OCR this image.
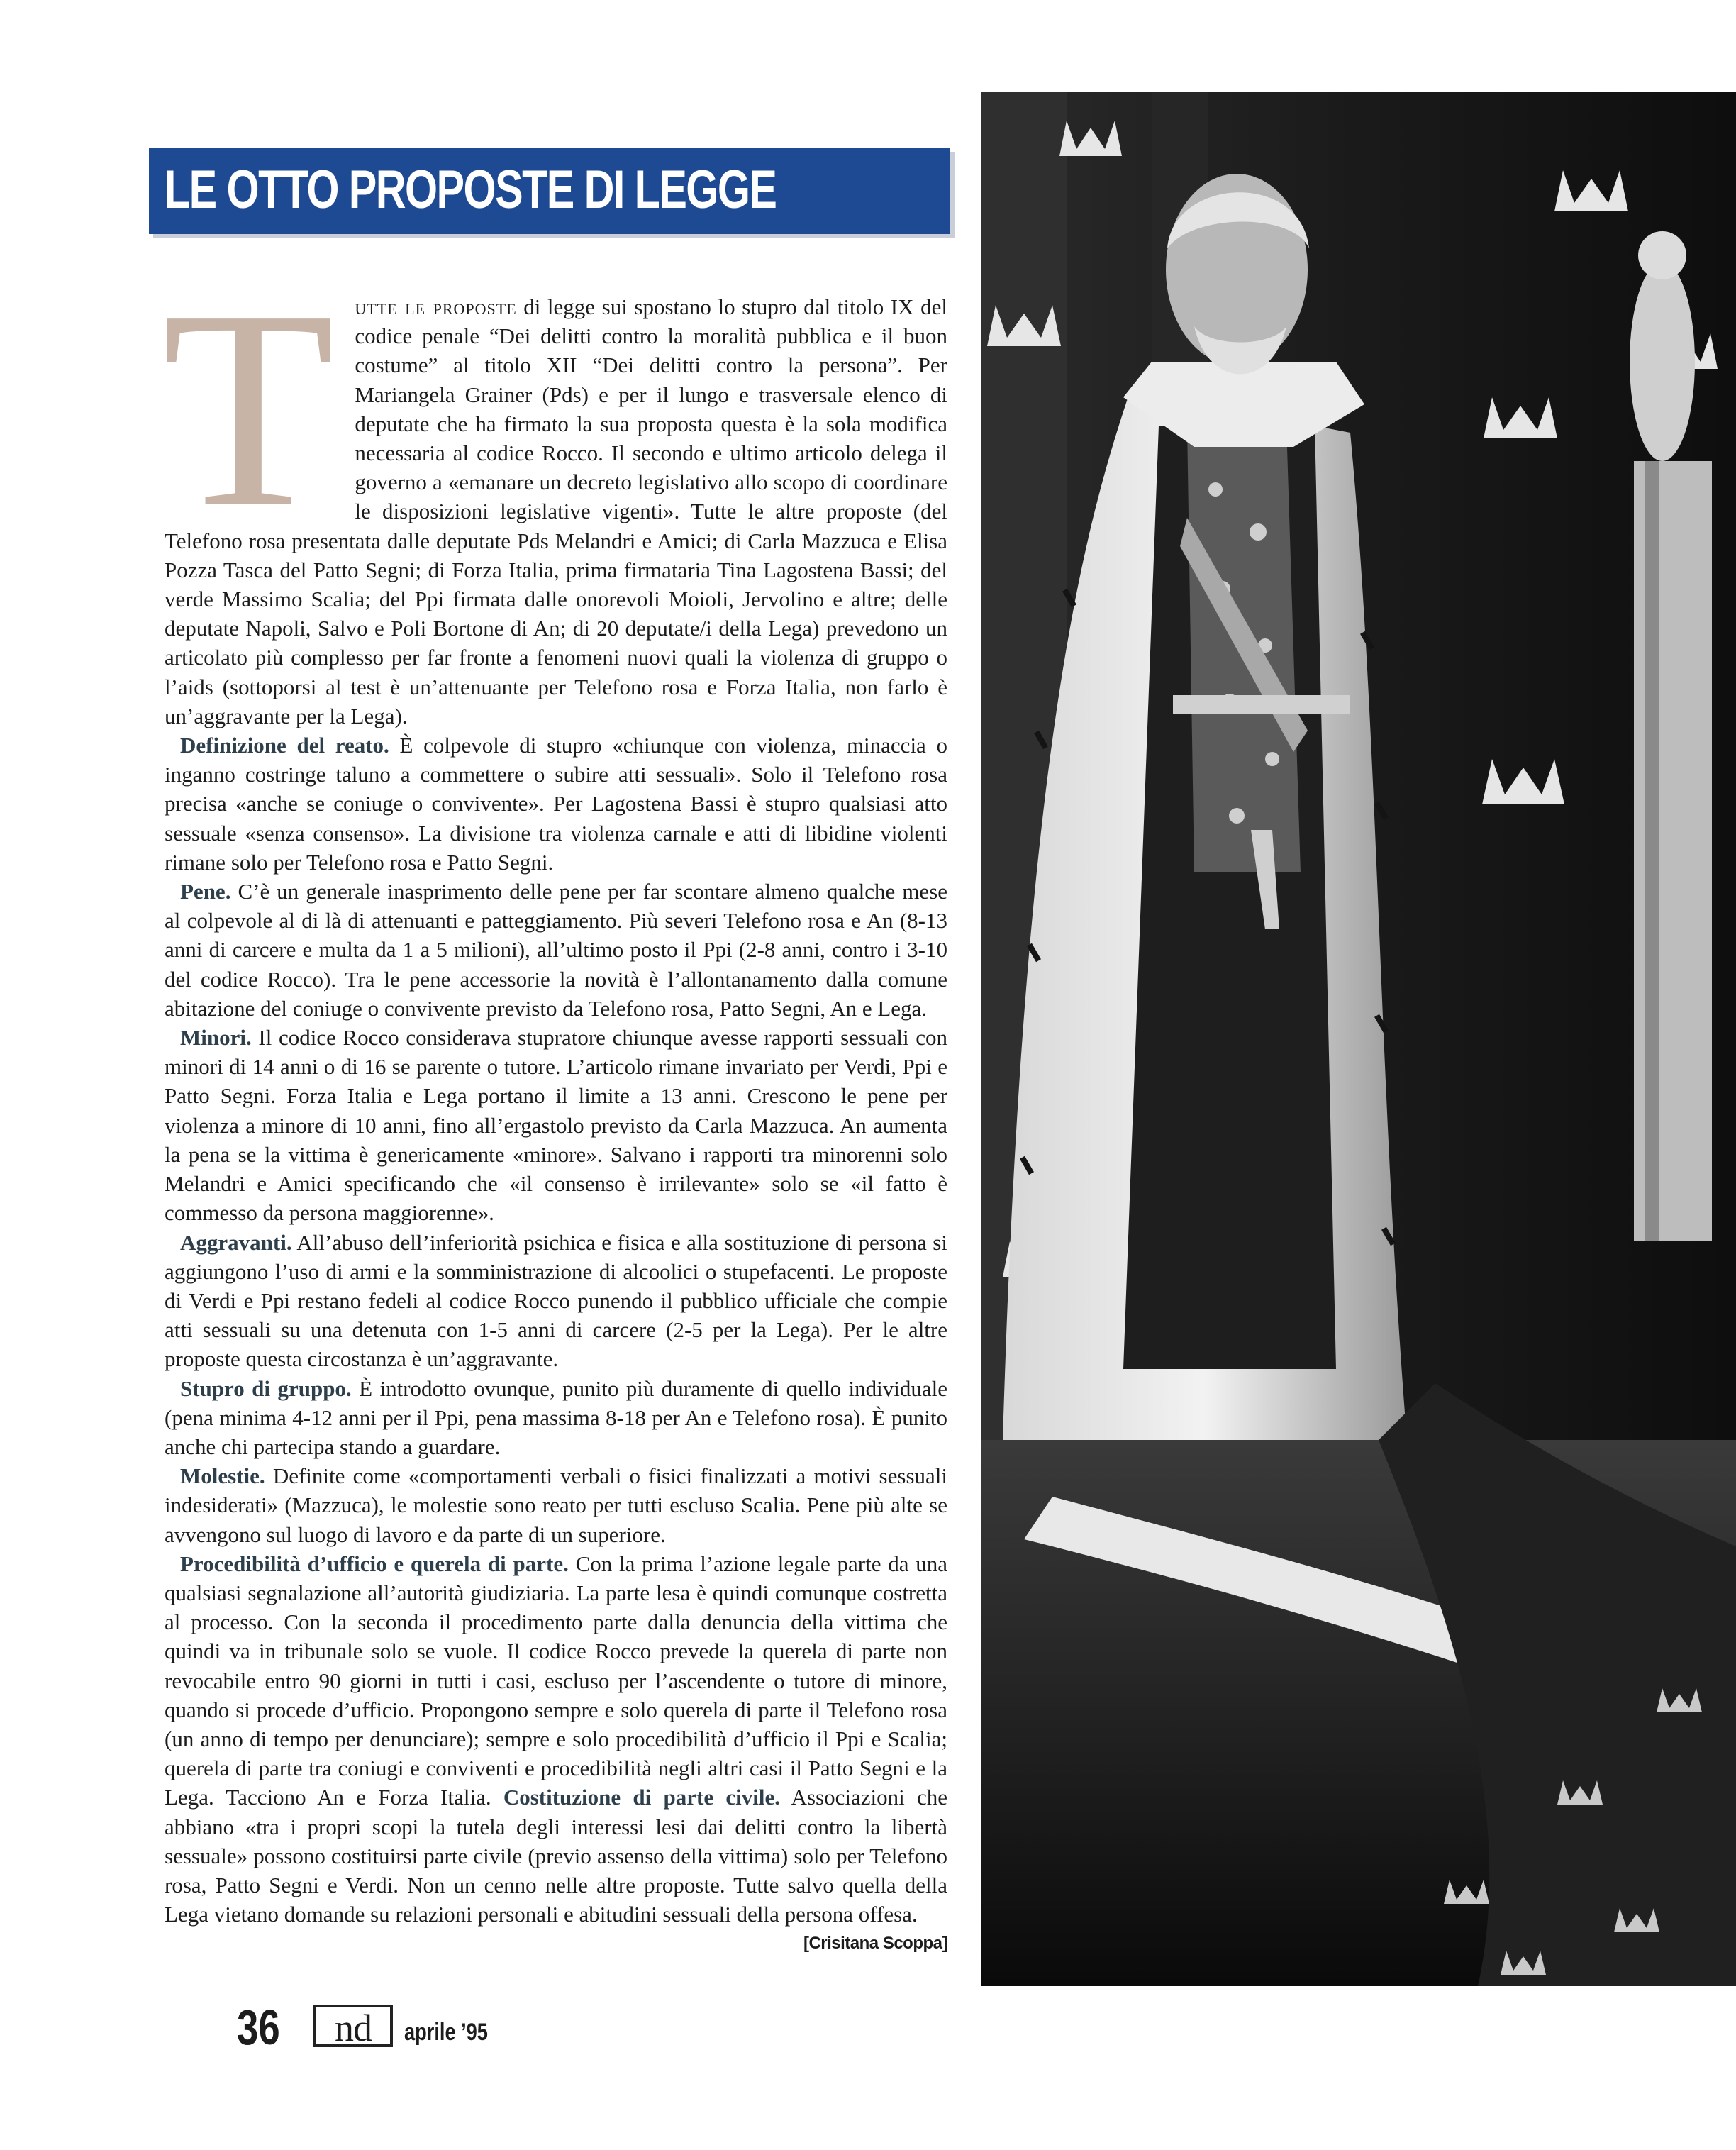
LE OTTO PROPOSTE DI LEGGE

Tutte le proposte di legge sui spostano lo stupro dal titolo IX del codice penale “Dei delitti contro la moralità pubblica e il buon costume” al titolo XII “Dei delitti contro la persona”. Per Mariangela Grainer (Pds) e per il lungo e trasversale elenco di deputate che ha firmato la sua proposta questa è la sola modifica necessaria al codice Rocco. Il secondo e ultimo articolo delega il governo a «emanare un decreto legislativo allo scopo di coordinare le disposizioni legislative vigenti». Tutte le altre proposte (del Telefono rosa presentata dalle deputate Pds Melandri e Amici; di Carla Mazzuca e Elisa Pozza Tasca del Patto Segni; di Forza Italia, prima firmataria Tina Lagostena Bassi; del verde Massimo Scalia; del Ppi firmata dalle onorevoli Moioli, Jervolino e altre; delle deputate Napoli, Salvo e Poli Bortone di An; di 20 deputate/i della Lega) prevedono un articolato più complesso per far fronte a fenomeni nuovi quali la violenza di gruppo o l’aids (sottoporsi al test è un’attenuante per Telefono rosa e Forza Italia, non farlo è un’aggravante per la Lega).

Definizione del reato. È colpevole di stupro «chiunque con violenza, minaccia o inganno costringe taluno a commettere o subire atti sessuali». Solo il Telefono rosa precisa «anche se coniuge o convivente». Per Lagostena Bassi è stupro qualsiasi atto sessuale «senza consenso». La divisione tra violenza carnale e atti di libidine violenti rimane solo per Telefono rosa e Patto Segni.

Pene. C’è un generale inasprimento delle pene per far scontare almeno qualche mese al colpevole al di là di attenuanti e patteggiamento. Più severi Telefono rosa e An (8-13 anni di carcere e multa da 1 a 5 milioni), all’ultimo posto il Ppi (2-8 anni, contro i 3-10 del codice Rocco). Tra le pene accessorie la novità è l’allontanamento dalla comune abitazione del coniuge o convivente previsto da Telefono rosa, Patto Segni, An e Lega.

Minori. Il codice Rocco considerava stupratore chiunque avesse rapporti sessuali con minori di 14 anni o di 16 se parente o tutore. L’articolo rimane invariato per Verdi, Ppi e Patto Segni. Forza Italia e Lega portano il limite a 13 anni. Crescono le pene per violenza a minore di 10 anni, fino all’ergastolo previsto da Carla Mazzuca. An aumenta la pena se la vittima è genericamente «minore». Salvano i rapporti tra minorenni solo Melandri e Amici specificando che «il consenso è irrilevante» solo se «il fatto è commesso da persona maggiorenne».

Aggravanti. All’abuso dell’inferiorità psichica e fisica e alla sostituzione di persona si aggiungono l’uso di armi e la somministrazione di alcoolici o stupefacenti. Le proposte di Verdi e Ppi restano fedeli al codice Rocco punendo il pubblico ufficiale che compie atti sessuali su una detenuta con 1-5 anni di carcere (2-5 per la Lega). Per le altre proposte questa circostanza è un’aggravante.

Stupro di gruppo. È introdotto ovunque, punito più duramente di quello individuale (pena minima 4-12 anni per il Ppi, pena massima 8-18 per An e Telefono rosa). È punito anche chi partecipa stando a guardare.

Molestie. Definite come «comportamenti verbali o fisici finalizzati a motivi sessuali indesiderati» (Mazzuca), le molestie sono reato per tutti escluso Scalia. Pene più alte se avvengono sul luogo di lavoro e da parte di un superiore.

Procedibilità d’ufficio e querela di parte. Con la prima l’azione legale parte da una qualsiasi segnalazione all’autorità giudiziaria. La parte lesa è quindi comunque costretta al processo. Con la seconda il procedimento parte dalla denuncia della vittima che quindi va in tribunale solo se vuole. Il codice Rocco prevede la querela di parte non revocabile entro 90 giorni in tutti i casi, escluso per l’ascendente o tutore di minore, quando si procede d’ufficio. Propongono sempre e solo querela di parte il Telefono rosa (un anno di tempo per denunciare); sempre e solo procedibilità d’ufficio il Ppi e Scalia; querela di parte tra coniugi e conviventi e procedibilità negli altri casi il Patto Segni e la Lega. Tacciono An e Forza Italia. Costituzione di parte civile. Associazioni che abbiano «tra i propri scopi la tutela degli interessi lesi dai delitti contro la libertà sessuale» possono costituirsi parte civile (previo assenso della vittima) solo per Telefono rosa, Patto Segni e Verdi. Non un cenno nelle altre proposte. Tutte salvo quella della Lega vietano domande su relazioni personali e abitudini sessuali della persona offesa.
[Crisitana Scoppa]

36	nd	aprile ’95
